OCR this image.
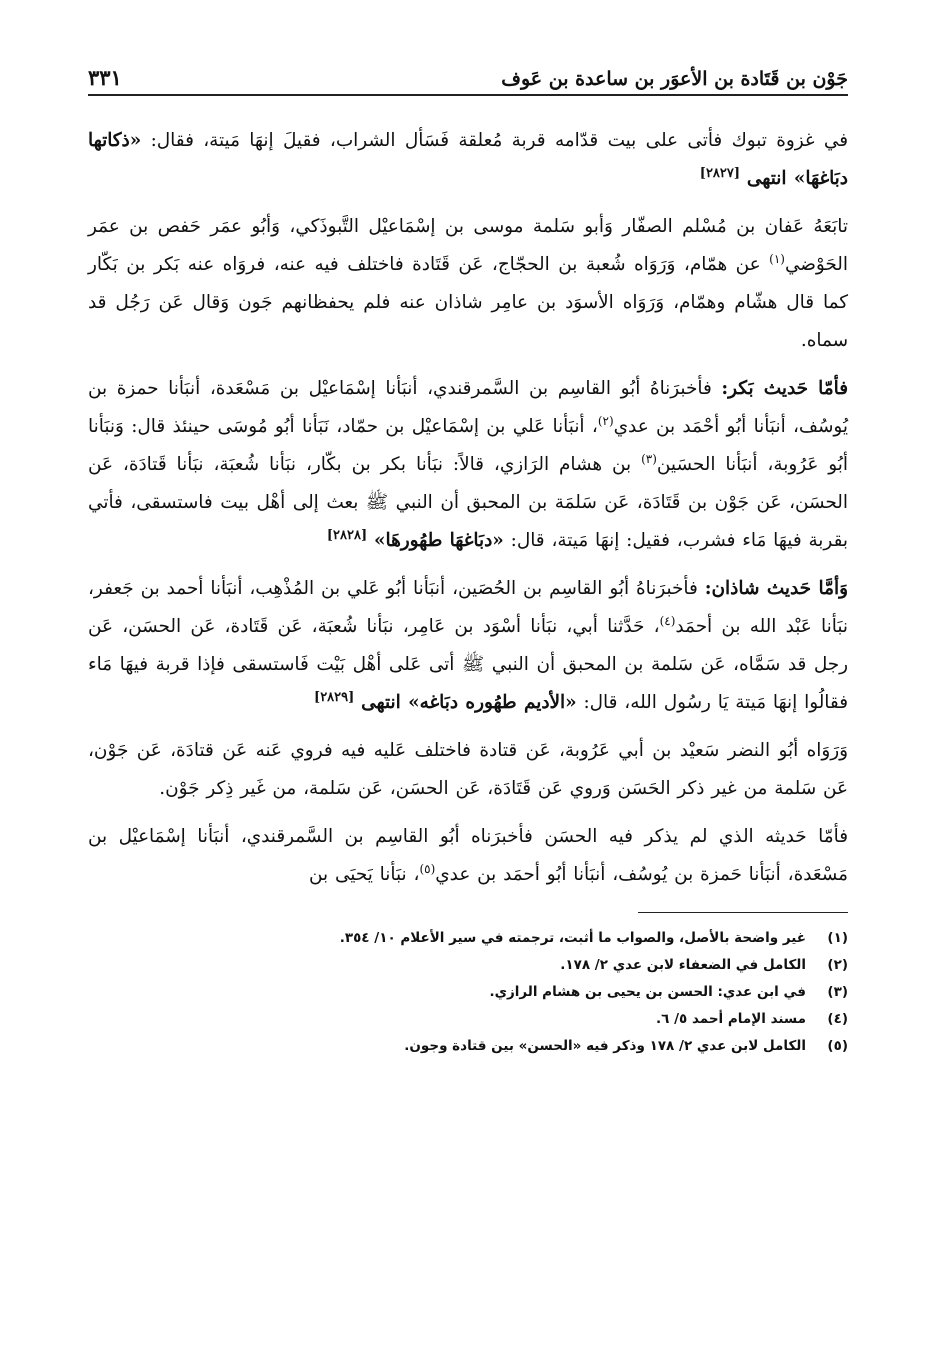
جَوْن بن قَتَادة بن الأعوَر بن ساعدة بن عَوف
٣٣١

في غزوة تبوك فأتى على بيت قدّامه قربة مُعلقة فَسَأل الشراب، فقيلَ إنهَا مَيتة، فقال: «ذكاتها دبَاغهَا» انتهى [٢٨٢٧]

تابَعَهُ عَفان بن مُسْلم الصفّار وَأبو سَلمة موسى بن إسْمَاعيْل التَّبوذَكي، وَأبُو عمَر حَفص بن عمَر الحَوْضي$^{(١)}$ عن همّام، وَرَوَاه شُعبة بن الحجّاج، عَن قَتَادة فاختلف فيه عنه، فروَاه عنه بَكر بن بَكّار كما قال هشّام وهمّام، وَرَوَاه الأسوَد بن عامِر شاذان عنه فلم يحفظانهم جَون وَقال عَن رَجُل قد سماه.

فأمّا حَديث بَكر: فأخبرَناهُ أبُو القاسِم بن السَّمرقندي، أنبَأنا إسْمَاعيْل بن مَسْعَدة، أنبَأنا حمزة بن يُوسُف، أنبَأنا أبُو أحْمَد بن عدي$^{(٢)}$، أنبَأنا عَلي بن إسْمَاعيْل بن حمّاد، نَبَأنا أبُو مُوسَى حينئذ قال: وَنبَأنا أبُو عَرُوبة، أنبَأنا الحسَين$^{(٣)}$ بن هشام الرَازي، قالاً: نبَأنا بكر بن بكّار، نبَأنا شُعبَة، نبَأنا قَتادَة، عَن الحسَن، عَن جَوْن بن قَتَادَة، عَن سَلمَة بن المحبق أن النبي ﷺ بعث إلى أهْل بيت فاستسقى، فأتي بقربة فيهَا مَاء فشرب، فقيل: إنهَا مَيتة، قال: «دبَاغهَا طهُورهَا» [٢٨٢٨]

وَأمَّا حَديث شاذان: فأخبرَناهُ أبُو القاسِم بن الحُصَين، أنبَأنا أبُو عَلي بن المُذْهِب، أنبَأنا أحمد بن جَعفر، نبَأنا عَبْد الله بن أحمَد$^{(٤)}$، حَدَّثنا أبي، نبَأنا أسْوَد بن عَامِر، نبَأنا شُعبَة، عَن قَتَادة، عَن الحسَن، عَن رجل قد سَمَّاه، عَن سَلمة بن المحبق أن النبي ﷺ أتى عَلى أهْل بَيْت فَاستسقى فإذا قربة فيهَا مَاء فقالُوا إنهَا مَيتة يَا رسُول الله، قال: «الأديم طهُوره دبَاغه» انتهى [٢٨٢٩]

وَرَوَاه أبُو النضر سَعيْد بن أبي عَرُوبة، عَن قتادة فاختلف عَليه فيه فروي عَنه عَن قتادَة، عَن جَوْن، عَن سَلمة من غير ذكر الحَسَن وَروي عَن قَتَادَة، عَن الحسَن، عَن سَلمة، من غَير ذِكر جَوْن.

فأمّا حَديثه الذي لم يذكر فيه الحسَن فأخبرَناه أبُو القاسِم بن السَّمرقندي، أنبَأنا إسْمَاعيْل بن مَسْعَدة، أنبَأنا حَمزة بن يُوسُف، أنبَأنا أبُو أحمَد بن عدي$^{(٥)}$، نبَأنا يَحيَى بن

(١)
غير واضحة بالأصل، والصواب ما أثبت، ترجمته في سير الأعلام ١٠/ ٣٥٤.
(٢)
الكامل في الضعفاء لابن عدي ٢/ ١٧٨.
(٣)
في ابن عدي: الحسن بن يحيى بن هشام الرازي.
(٤)
مسند الإمام أحمد ٥/ ٦.
(٥)
الكامل لابن عدي ٢/ ١٧٨ وذكر فيه «الحسن» بين قتادة وجون.
